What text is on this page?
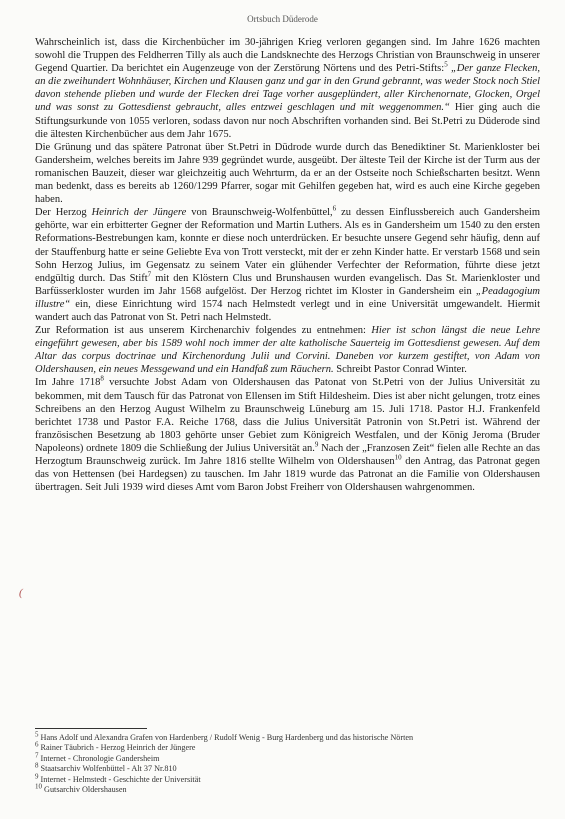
Ortsbuch Düderode

Wahrscheinlich ist, dass die Kirchenbücher im 30-jährigen Krieg verloren gegangen sind. Im Jahre 1626 machten sowohl die Truppen des Feldherren Tilly als auch die Landsknechte des Herzogs Christian von Braunschweig in unserer Gegend Quartier. Da berichtet ein Augenzeuge von der Zerstörung Nörtens und des Petri-Stifts:$^5$ „Der ganze Flecken, an die zweihundert Wohnhäuser, Kirchen und Klausen ganz und gar in den Grund gebrannt, was weder Stock noch Stiel davon stehende plieben und wurde der Flecken drei Tage vorher ausgeplündert, aller Kirchenornate, Glocken, Orgel und was sonst zu Gottesdienst gebraucht, alles entzwei geschlagen und mit weggenommen.“ Hier ging auch die Stiftungsurkunde von 1055 verloren, sodass davon nur noch Abschriften vorhanden sind. Bei St.Petri zu Düderode sind die ältesten Kirchenbücher aus dem Jahr 1675.

Die Grünung und das spätere Patronat über St.Petri in Düdrode wurde durch das Benediktiner St. Marienkloster bei Gandersheim, welches bereits im Jahre 939 gegründet wurde, ausgeübt. Der älteste Teil der Kirche ist der Turm aus der romanischen Bauzeit, dieser war gleichzeitig auch Wehrturm, da er an der Ostseite noch Schießscharten besitzt. Wenn man bedenkt, dass es bereits ab 1260/1299 Pfarrer, sogar mit Gehilfen gegeben hat, wird es auch eine Kirche gegeben haben.

Der Herzog Heinrich der Jüngere von Braunschweig-Wolfenbüttel,$^6$ zu dessen Einflussbereich auch Gandersheim gehörte, war ein erbitterter Gegner der Reformation und Martin Luthers. Als es in Gandersheim um 1540 zu den ersten Reformations-Bestrebungen kam, konnte er diese noch unterdrücken. Er besuchte unsere Gegend sehr häufig, denn auf der Stauffenburg hatte er seine Geliebte Eva von Trott versteckt, mit der er zehn Kinder hatte. Er verstarb 1568 und sein Sohn Herzog Julius, im Gegensatz zu seinem Vater ein glühender Verfechter der Reformation, führte diese jetzt endgültig durch. Das Stift$^7$ mit den Klöstern Clus und Brunshausen wurden evangelisch. Das St. Marienkloster und Barfüsserkloster wurden im Jahr 1568 aufgelöst. Der Herzog richtet im Kloster in Gandersheim ein „Peadagogium illustre“ ein, diese Einrichtung wird 1574 nach Helmstedt verlegt und in eine Universität umgewandelt. Hiermit wandert auch das Patronat von St. Petri nach Helmstedt.

Zur Reformation ist aus unserem Kirchenarchiv folgendes zu entnehmen: Hier ist schon längst die neue Lehre eingeführt gewesen, aber bis 1589 wohl noch immer der alte katholische Sauerteig im Gottesdienst gewesen. Auf dem Altar das corpus doctrinae und Kirchenordung Julii und Corvini. Daneben vor kurzem gestiftet, von Adam von Oldershausen, ein neues Messgewand und ein Handfaß zum Räuchern. Schreibt Pastor Conrad Winter.

Im Jahre 1718$^8$ versuchte Jobst Adam von Oldershausen das Patonat von St.Petri von der Julius Universität zu bekommen, mit dem Tausch für das Patronat von Ellensen im Stift Hildesheim. Dies ist aber nicht gelungen, trotz eines Schreibens an den Herzog August Wilhelm zu Braunschweig Lüneburg am 15. Juli 1718. Pastor H.J. Frankenfeld berichtet 1738 und Pastor F.A. Reiche 1768, dass die Julius Universität Patronin von St.Petri ist. Während der französischen Besetzung ab 1803 gehörte unser Gebiet zum Königreich Westfalen, und der König Jeroma (Bruder Napoleons) ordnete 1809 die Schließung der Julius Universität an.$^9$ Nach der „Franzosen Zeit“ fielen alle Rechte an das Herzogtum Braunschweig zurück. Im Jahre 1816 stellte Wilhelm von Oldershausen$^{10}$ den Antrag, das Patronat gegen das von Hettensen (bei Hardegsen) zu tauschen. Im Jahr 1819 wurde das Patronat an die Familie von Oldershausen übertragen. Seit Juli 1939 wird dieses Amt vom Baron Jobst Freiherr von Oldershausen wahrgenommen.

(
$^5$ Hans Adolf und Alexandra Grafen von Hardenberg / Rudolf Wenig - Burg Hardenberg und das historische Nörten
$^6$ Rainer Täubrich - Herzog Heinrich der Jüngere
$^7$ Internet - Chronologie Gandersheim
$^8$ Staatsarchiv Wolfenbüttel - Alt 37 Nr.810
$^9$ Internet - Helmstedt - Geschichte der Universität
$^{10}$ Gutsarchiv Oldershausen
